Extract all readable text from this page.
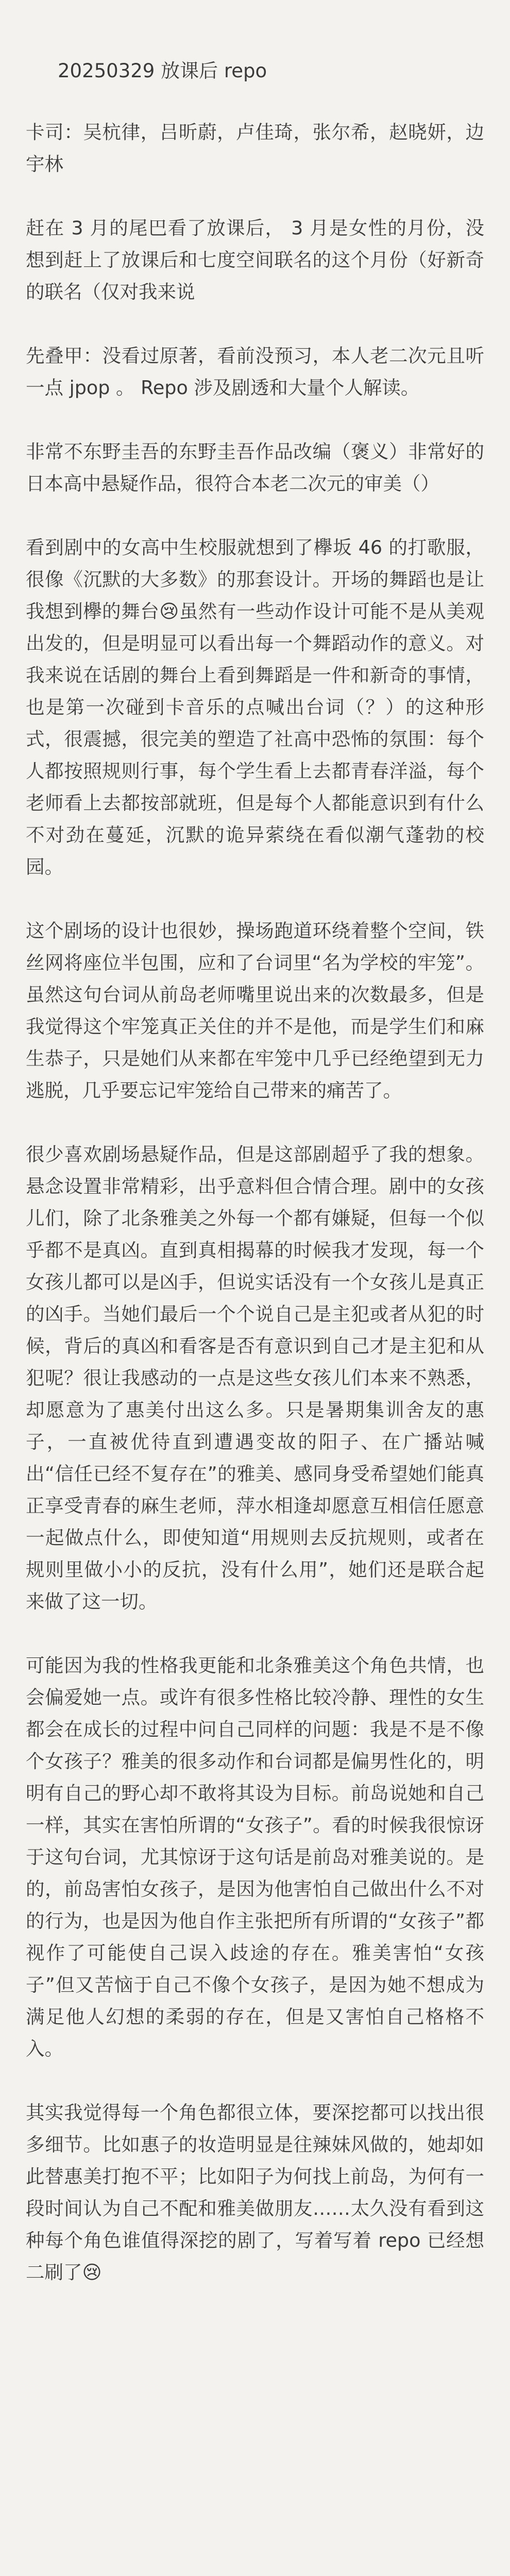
20250329 放课后 repo

卡司：吴杭律，吕昕蔚，卢佳琦，张尔希，赵晓妍，边宇林

赶在 3 月的尾巴看了放课后， 3 月是女性的月份，没想到赶上了放课后和七度空间联名的这个月份（好新奇的联名（仅对我来说

先叠甲：没看过原著，看前没预习，本人老二次元且听一点 jpop 。 Repo 涉及剧透和大量个人解读。

非常不东野圭吾的东野圭吾作品改编（褒义）非常好的日本高中悬疑作品，很符合本老二次元的审美（）

看到剧中的女高中生校服就想到了欅坂 46 的打歌服，很像《沉默的大多数》的那套设计。开场的舞蹈也是让我想到欅的舞台😢虽然有一些动作设计可能不是从美观出发的，但是明显可以看出每一个舞蹈动作的意义。对我来说在话剧的舞台上看到舞蹈是一件和新奇的事情，也是第一次碰到卡音乐的点喊出台词（？）的这种形式，很震撼，很完美的塑造了社高中恐怖的氛围：每个人都按照规则行事，每个学生看上去都青春洋溢，每个老师看上去都按部就班，但是每个人都能意识到有什么不对劲在蔓延，沉默的诡异萦绕在看似潮气蓬勃的校园。

这个剧场的设计也很妙，操场跑道环绕着整个空间，铁丝网将座位半包围，应和了台词里“名为学校的牢笼”。虽然这句台词从前岛老师嘴里说出来的次数最多，但是我觉得这个牢笼真正关住的并不是他，而是学生们和麻生恭子，只是她们从来都在牢笼中几乎已经绝望到无力逃脱，几乎要忘记牢笼给自己带来的痛苦了。

很少喜欢剧场悬疑作品，但是这部剧超乎了我的想象。悬念设置非常精彩，出乎意料但合情合理。剧中的女孩儿们，除了北条雅美之外每一个都有嫌疑，但每一个似乎都不是真凶。直到真相揭幕的时候我才发现，每一个女孩儿都可以是凶手，但说实话没有一个女孩儿是真正的凶手。当她们最后一个个说自己是主犯或者从犯的时候，背后的真凶和看客是否有意识到自己才是主犯和从犯呢？很让我感动的一点是这些女孩儿们本来不熟悉，却愿意为了惠美付出这么多。只是暑期集训舍友的惠子，一直被优待直到遭遇变故的阳子、在广播站喊出“信任已经不复存在”的雅美、感同身受希望她们能真正享受青春的麻生老师，萍水相逢却愿意互相信任愿意一起做点什么，即使知道“用规则去反抗规则，或者在规则里做小小的反抗，没有什么用”，她们还是联合起来做了这一切。

可能因为我的性格我更能和北条雅美这个角色共情，也会偏爱她一点。或许有很多性格比较冷静、理性的女生都会在成长的过程中问自己同样的问题：我是不是不像个女孩子？雅美的很多动作和台词都是偏男性化的，明明有自己的野心却不敢将其设为目标。前岛说她和自己一样，其实在害怕所谓的“女孩子”。看的时候我很惊讶于这句台词，尤其惊讶于这句话是前岛对雅美说的。是的，前岛害怕女孩子，是因为他害怕自己做出什么不对的行为，也是因为他自作主张把所有所谓的“女孩子”都视作了可能使自己误入歧途的存在。雅美害怕“女孩子”但又苦恼于自己不像个女孩子，是因为她不想成为满足他人幻想的柔弱的存在，但是又害怕自己格格不入。

其实我觉得每一个角色都很立体，要深挖都可以找出很多细节。比如惠子的妆造明显是往辣妹风做的，她却如此替惠美打抱不平；比如阳子为何找上前岛，为何有一段时间认为自己不配和雅美做朋友……太久没有看到这种每个角色谁值得深挖的剧了，写着写着 repo 已经想二刷了😢
